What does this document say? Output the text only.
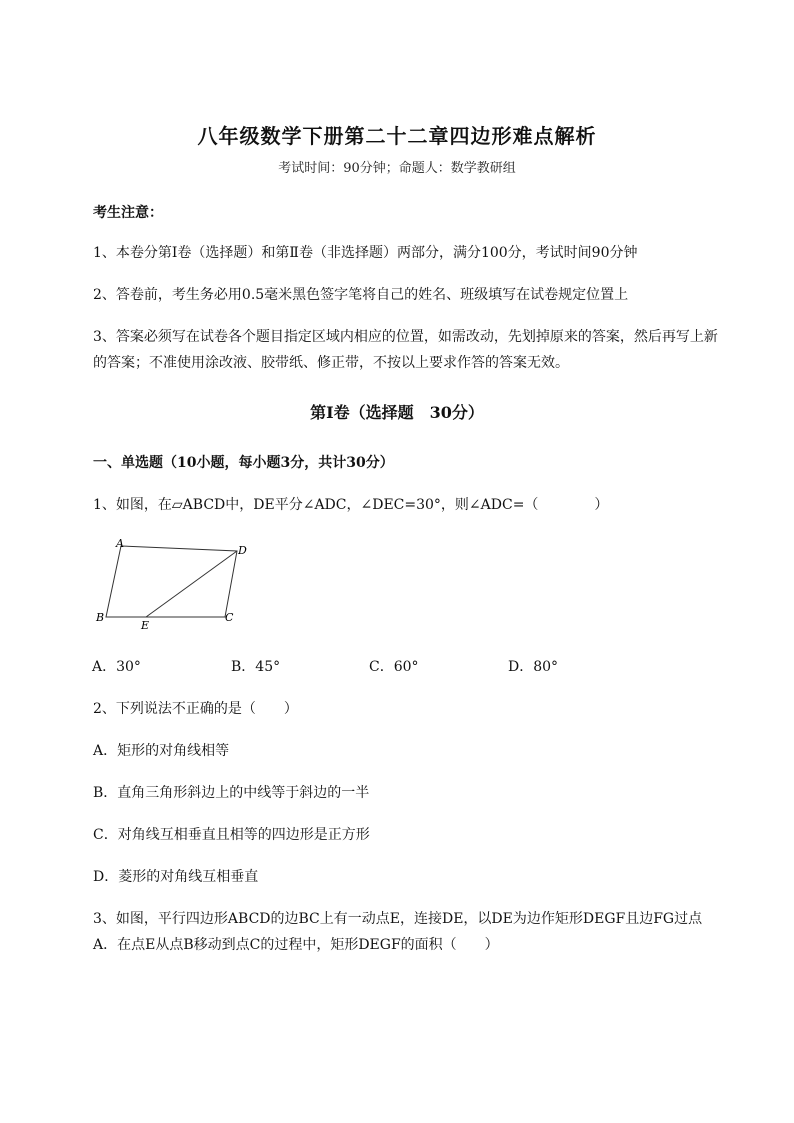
八年级数学下册第二十二章四边形难点解析
考试时间：90分钟；命题人：数学教研组
考生注意：
1、本卷分第Ⅰ卷（选择题）和第Ⅱ卷（非选择题）两部分，满分100分，考试时间90分钟
2、答卷前，考生务必用0.5毫米黑色签字笔将自己的姓名、班级填写在试卷规定位置上
3、答案必须写在试卷各个题目指定区域内相应的位置，如需改动，先划掉原来的答案，然后再写上新
的答案；不准使用涂改液、胶带纸、修正带，不按以上要求作答的答案无效。
第Ⅰ卷（选择题　30分）
一、单选题（10小题，每小题3分，共计30分）
1、如图，在▱ABCD中，DE平分∠ADC，∠DEC=30°，则∠ADC=（　　　　）
A
D
B
E
C
A．30°	B．45°	C．60°	D．80°
2、下列说法不正确的是（　　）
A．矩形的对角线相等
B．直角三角形斜边上的中线等于斜边的一半
C．对角线互相垂直且相等的四边形是正方形
D．菱形的对角线互相垂直
3、如图，平行四边形ABCD的边BC上有一动点E，连接DE，以DE为边作矩形DEGF且边FG过点
A．在点E从点B移动到点C的过程中，矩形DEGF的面积（　　）
